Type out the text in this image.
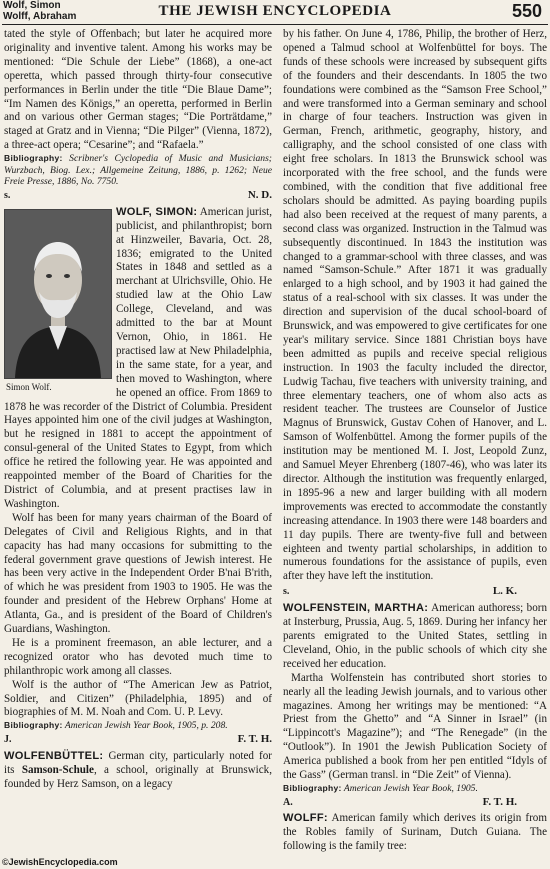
Wolf, Simon
Wolff, Abraham	THE JEWISH ENCYCLOPEDIA	550

tated the style of Offenbach; but later he acquired more originality and inventive talent. Among his works may be mentioned: “Die Schule der Liebe” (1868), a one-act operetta, which passed through thirty-four consecutive performances in Berlin under the title “Die Blaue Dame”; “Im Namen des Königs,” an operetta, performed in Berlin and on various other German stages; “Die Porträtdame,” staged at Gratz and in Vienna; “Die Pilger” (Vienna, 1872), a three-act opera; “Cesarine”; and “Rafaela.”

Bibliography: Scribner's Cyclopedia of Music and Musicians; Wurzbach, Biog. Lex.; Allgemeine Zeitung, 1886, p. 1262; Neue Freie Presse, 1886, No. 7750.

s.	N. D.

Simon Wolf.
WOLF, SIMON: American jurist, publicist, and philanthropist; born at Hinzweiler, Bavaria, Oct. 28, 1836; emigrated to the United States in 1848 and settled as a merchant at Ulrichsville, Ohio. He studied law at the Ohio Law College, Cleveland, and was admitted to the bar at Mount Vernon, Ohio, in 1861. He practised law at New Philadelphia, in the same state, for a year, and then moved to Washington, where he opened an office. From 1869 to 1878 he was recorder of the District of Columbia. President Hayes appointed him one of the civil judges at Washington, but he resigned in 1881 to accept the appointment of consul-general of the United States to Egypt, from which office he retired the following year. He was appointed and reappointed member of the Board of Charities for the District of Columbia, and at present practises law in Washington.

Wolf has been for many years chairman of the Board of Delegates of Civil and Religious Rights, and in that capacity has had many occasions for submitting to the federal government grave questions of Jewish interest. He has been very active in the Independent Order B'nai B'rith, of which he was president from 1903 to 1905. He was the founder and president of the Hebrew Orphans' Home at Atlanta, Ga., and is president of the Board of Children's Guardians, Washington.

He is a prominent freemason, an able lecturer, and a recognized orator who has devoted much time to philanthropic work among all classes.

Wolf is the author of “The American Jew as Patriot, Soldier, and Citizen” (Philadelphia, 1895) and of biographies of M. M. Noah and Com. U. P. Levy.

Bibliography: American Jewish Year Book, 1905, p. 208.

J.	F. T. H.

WOLFENBÜTTEL: German city, particularly noted for its Samson-Schule, a school, originally at Brunswick, founded by Herz Samson, on a legacy

by his father. On June 4, 1786, Philip, the brother of Herz, opened a Talmud school at Wolfenbüttel for boys. The funds of these schools were increased by subsequent gifts of the founders and their descendants. In 1805 the two foundations were combined as the “Samson Free School,” and were transformed into a German seminary and school in charge of four teachers. Instruction was given in German, French, arithmetic, geography, history, and calligraphy, and the school consisted of one class with eight free scholars. In 1813 the Brunswick school was incorporated with the free school, and the funds were combined, with the condition that five additional free scholars should be admitted. As paying boarding pupils had also been received at the request of many parents, a second class was organized. Instruction in the Talmud was subsequently discontinued. In 1843 the institution was changed to a grammar-school with three classes, and was named “Samson-Schule.” After 1871 it was gradually enlarged to a high school, and by 1903 it had gained the status of a real-school with six classes. It was under the direction and supervision of the ducal school-board of Brunswick, and was empowered to give certificates for one year's military service. Since 1881 Christian boys have been admitted as pupils and receive special religious instruction. In 1903 the faculty included the director, Ludwig Tachau, five teachers with university training, and three elementary teachers, one of whom also acts as resident teacher. The trustees are Counselor of Justice Magnus of Brunswick, Gustav Cohen of Hanover, and L. Samson of Wolfenbüttel. Among the former pupils of the institution may be mentioned M. I. Jost, Leopold Zunz, and Samuel Meyer Ehrenberg (1807-46), who was later its director. Although the institution was frequently enlarged, in 1895-96 a new and larger building with all modern improvements was erected to accommodate the constantly increasing attendance. In 1903 there were 148 boarders and 11 day pupils. There are twenty-five full and between eighteen and twenty partial scholarships, in addition to numerous foundations for the assistance of pupils, even after they have left the institution.

s.	L. K.

WOLFENSTEIN, MARTHA: American authoress; born at Insterburg, Prussia, Aug. 5, 1869. During her infancy her parents emigrated to the United States, settling in Cleveland, Ohio, in the public schools of which city she received her education.

Martha Wolfenstein has contributed short stories to nearly all the leading Jewish journals, and to various other magazines. Among her writings may be mentioned: “A Priest from the Ghetto” and “A Sinner in Israel” (in “Lippincott's Magazine”); and “The Renegade” (in the “Outlook”). In 1901 the Jewish Publication Society of America published a book from her pen entitled “Idyls of the Gass” (German transl. in “Die Zeit” of Vienna).

Bibliography: American Jewish Year Book, 1905.

A.	F. T. H.

WOLFF: American family which derives its origin from the Robles family of Surinam, Dutch Guiana. The following is the family tree:

©JewishEncyclopedia.com
